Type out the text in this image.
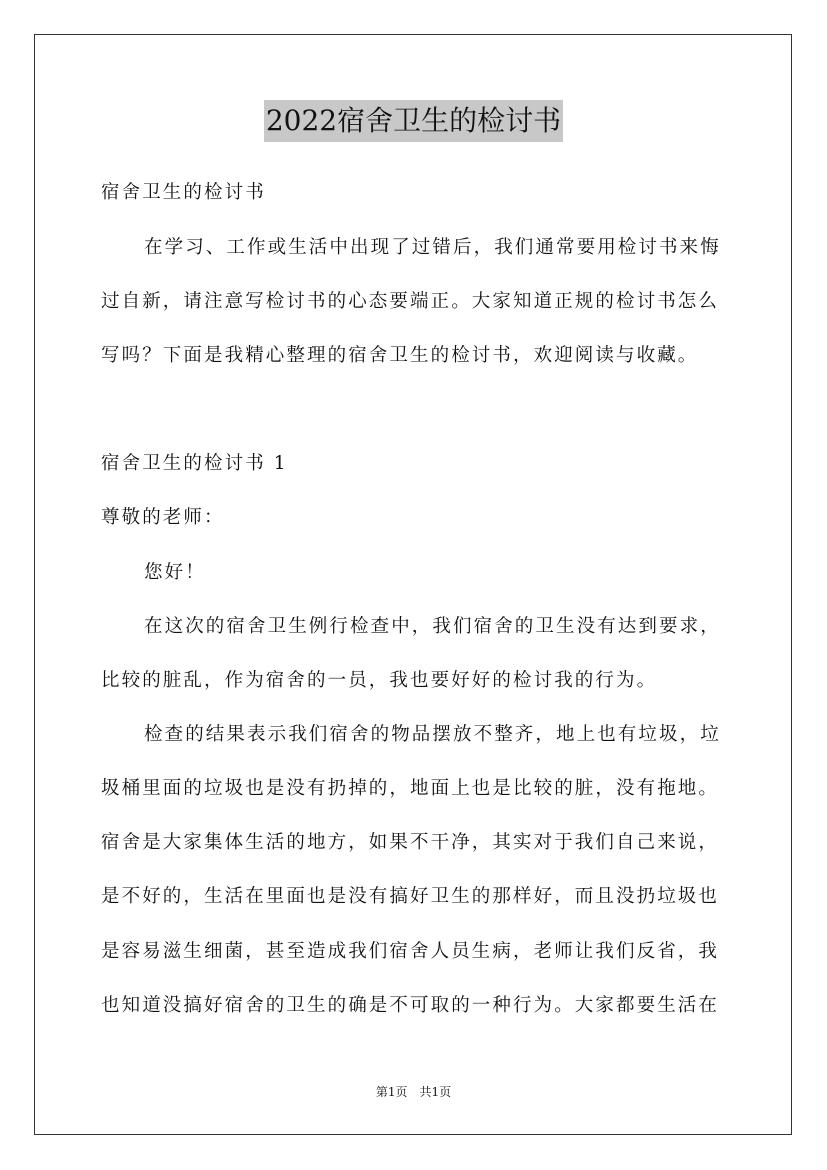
2022宿舍卫生的检讨书
宿舍卫生的检讨书
在学习、工作或生活中出现了过错后，我们通常要用检讨书来悔
过自新，请注意写检讨书的心态要端正。大家知道正规的检讨书怎么
写吗？下面是我精心整理的宿舍卫生的检讨书，欢迎阅读与收藏。
宿舍卫生的检讨书 1
尊敬的老师：
您好！
在这次的宿舍卫生例行检查中，我们宿舍的卫生没有达到要求，
比较的脏乱，作为宿舍的一员，我也要好好的检讨我的行为。
检查的结果表示我们宿舍的物品摆放不整齐，地上也有垃圾，垃
圾桶里面的垃圾也是没有扔掉的，地面上也是比较的脏，没有拖地。
宿舍是大家集体生活的地方，如果不干净，其实对于我们自己来说，
是不好的，生活在里面也是没有搞好卫生的那样好，而且没扔垃圾也
是容易滋生细菌，甚至造成我们宿舍人员生病，老师让我们反省，我
也知道没搞好宿舍的卫生的确是不可取的一种行为。大家都要生活在
第1页　共1页
